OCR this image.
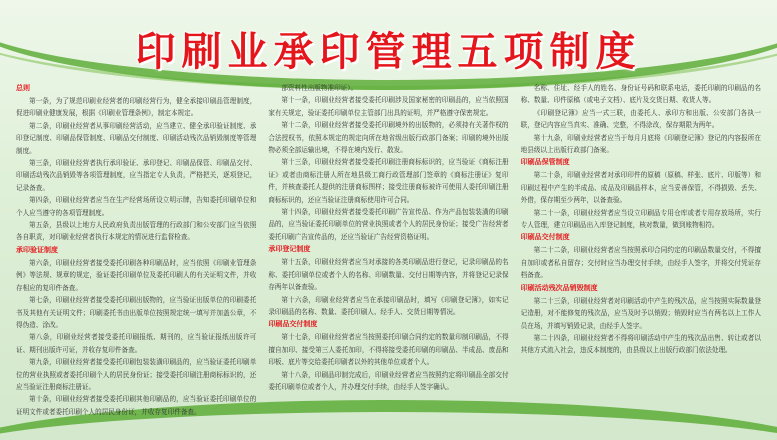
印刷业承印管理五项制度
总则

第一条，为了规范印刷业经营者的印刷经营行为，健全承接印刷品管理制度，促进印刷业健康发展，根据《印刷业管理条例》，制定本规定。

第二条，印刷业经营者从事印刷经营活动，应当建立、健全承印验证制度、承印登记制度、印刷品保管制度、印刷品交付制度、印刷活动残次品销毁制度等管理制度。

第三条，印刷业经营者执行承印验证、承印登记、印刷品保管、印刷品交付、印刷活动残次品销毁等各项管理制度，应当指定专人负责，严格把关，逐项登记，记录备查。

第四条，印刷业经营者应当在生产经营场所设立明示牌，告知委托印刷单位和个人应当遵守的各项管理制度。

第五条，县级以上地方人民政府负责出版管理的行政部门和公安部门应当依照各自职责，对印刷业经营者执行本规定的情况进行监督检查。

承印验证制度

第六条，印刷业经营者接受委托印刷各种印刷品时，应当依照《印刷业管理条例》等法规、规章的规定，验证委托印刷单位及委托印刷人的有关证明文件，并收存相应的复印件备查。

第七条，印刷业经营者接受委托印刷出版物的，应当验证出版单位的印刷委托书及其他有关证明文件；印刷委托书由出版单位按照规定统一填写并加盖公章，不得伪造、涂改。

第八条，印刷业经营者接受委托印刷报纸、期刊的，应当验证报纸出版许可证、期刊出版许可证，并收存复印件备查。

第九条，印刷业经营者接受委托印刷包装装潢印刷品的，应当验证委托印刷单位的营业执照或者委托印刷个人的居民身份证；接受委托印刷注册商标标识的，还应当验证注册商标注册证。

第十条，印刷业经营者接受委托印刷其他印刷品的，应当验证委托印刷单位的证明文件或者委托印刷个人的居民身份证，并收存复印件备查。

部资料性出版物准印证）。

第十一条，印刷业经营者接受委托印刷涉及国家秘密的印刷品的，应当依照国家有关规定，验证委托印刷单位主管部门出具的证明，并严格遵守保密规定。

第十二条，印刷业经营者接受委托印刷境外的出版物的，必须持有关著作权的合法授权书，依照本规定的规定向所在地省级出版行政部门备案；印刷的境外出版物必须全部运输出境，不得在境内发行、散发。

第十三条，印刷业经营者接受委托印刷注册商标标识的，应当验证《商标注册证》或者由商标注册人所在地县级工商行政管理部门签章的《商标注册证》复印件，并核查委托人提供的注册商标图样；接受注册商标被许可使用人委托印刷注册商标标识的，还应当验证注册商标使用许可合同。

第十四条，印刷业经营者接受委托印刷广告宣传品、作为产品包装装潢的印刷品的，应当验证委托印刷单位的营业执照或者个人的居民身份证；接受广告经营者委托印刷广告宣传品的，还应当验证广告经营资格证明。

承印登记制度

第十五条，印刷业经营者应当对承接的各类印刷品进行登记，记录印刷品的名称、委托印刷单位或者个人的名称、印刷数量、交付日期等内容，并将登记记录保存两年以备查验。

第十六条，印刷业经营者应当在承接印刷品时，填写《印刷登记簿》，如实记录印刷品的名称、数量、委托印刷人、经手人、交货日期等情况。

印刷品交付制度

第十七条，印刷业经营者应当按照委托印刷合同约定的数量印制印刷品，不得擅自加印、接受第三人委托加印，不得将接受委托印刷的印刷品、半成品、废品和印板、底片等交给委托印刷者以外的其他单位或者个人。

第十八条，印刷品印制完成后，印刷业经营者应当按照约定将印刷品全部交付委托印刷单位或者个人，并办理交付手续，由经手人签字确认。

名称、住址、经手人的姓名、身份证号码和联系电话，委托印刷的印刷品的名称、数量、印件原稿（或电子文档）、底片及交货日期、收货人等。

《印刷登记簿》应当一式三联，由委托人、承印方和出版、公安部门各执一联，登记内容应当真实、准确、完整，不得涂改，保存期限为两年。

第十九条，印刷业经营者应当于每月月底将《印刷登记簿》登记的内容报所在地县级以上出版行政部门备案。

印刷品保管制度

第二十条，印刷业经营者对承印印件的原稿（原稿、样张、底片、印版等）和印刷过程中产生的半成品、成品及印刷品样本，应当妥善保管，不得损毁、丢失、外借，保存期至少两年，以备查验。

第二十一条，印刷业经营者应当设立印刷品专用仓库或者专用存放场所，实行专人管理，建立印刷品出入库登记制度，核对数量，做到账物相符。

印刷品交付制度

第二十二条，印刷业经营者应当按照承印合同约定的印刷品数量交付，不得擅自加印或者私自留存；交付时应当办理交付手续，由经手人签字，并将交付凭证存档备查。

印刷活动残次品销毁制度

第二十三条，印刷业经营者对印刷活动中产生的残次品，应当按照实际数量登记造册，对不能修复的残次品，应当及时予以销毁；销毁时应当有两名以上工作人员在场，并填写销毁记录，由经手人签字。

第二十四条，印刷业经营者不得将印刷活动中产生的残次品出售、转让或者以其他方式流入社会，违反本制度的，由县级以上出版行政部门依法处理。
